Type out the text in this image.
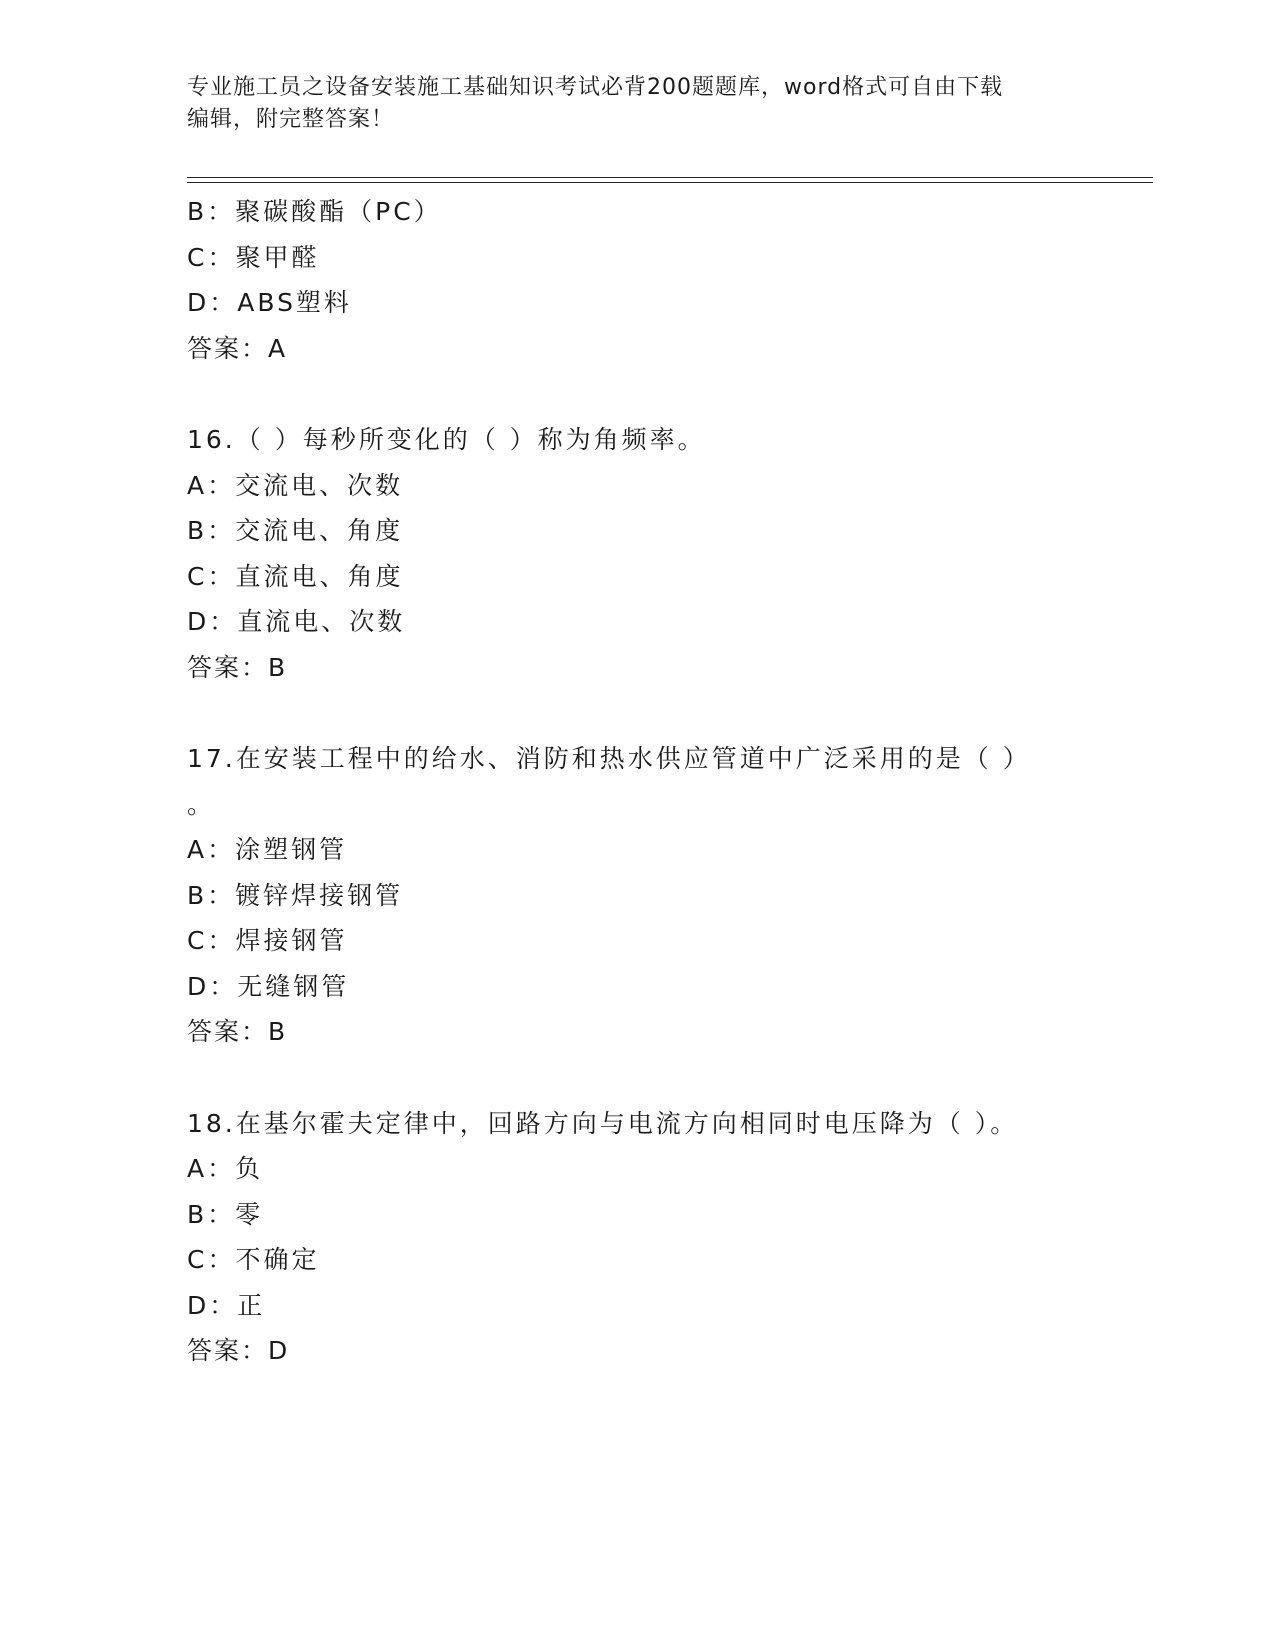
专业施工员之设备安装施工基础知识考试必背200题题库，word格式可自由下载
编辑，附完整答案！
B：聚碳酸酯（PC）
C：聚甲醛
D：ABS塑料
答案：A
16.（ ）每秒所变化的（ ）称为角频率。
A：交流电、次数
B：交流电、角度
C：直流电、角度
D：直流电、次数
答案：B
17.在安装工程中的给水、消防和热水供应管道中广泛采用的是（ ）
。
A：涂塑钢管
B：镀锌焊接钢管
C：焊接钢管
D：无缝钢管
答案：B
18.在基尔霍夫定律中，回路方向与电流方向相同时电压降为（ ）。
A：负
B：零
C：不确定
D：正
答案：D
